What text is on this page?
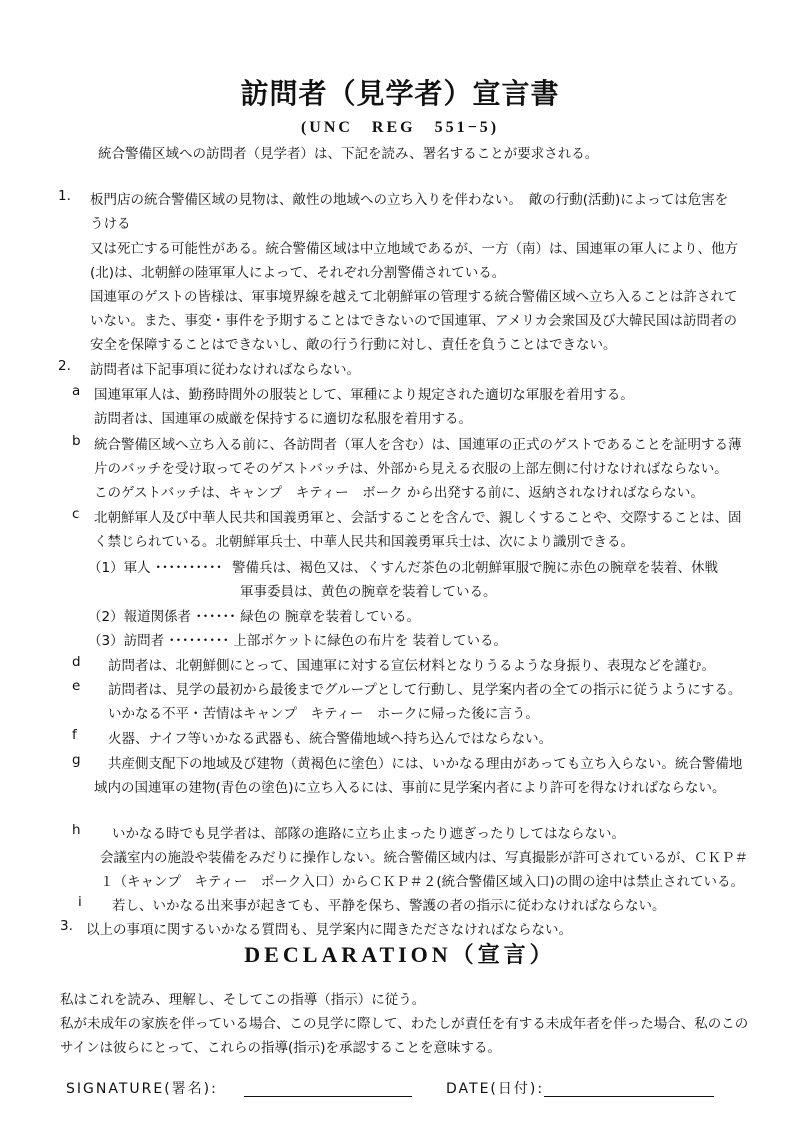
訪問者（見学者）宣言書
(UNC　REG　551−5)
統合警備区域への訪問者（見学者）は、下記を読み、署名することが要求される。
1. 板門店の統合警備区域の見物は、敵性の地域への立ち入りを伴わない。　敵の行動(活動)によっては危害を
うける
又は死亡する可能性がある。統合警備区域は中立地域であるが、一方（南）は、国連軍の軍人により、他方
(北)は、北朝鮮の陸軍軍人によって、それぞれ分割警備されている。
国連軍のゲストの皆様は、軍事境界線を越えて北朝鮮軍の管理する統合警備区域へ立ち入ることは許されて
いない。また、事変・事件を予期することはできないので国連軍、アメリカ会衆国及び大韓民国は訪問者の
安全を保障することはできないし、敵の行う行動に対し、責任を負うことはできない。
2. 訪問者は下記事項に従わなければならない。
a 国連軍軍人は、勤務時間外の服装として、軍種により規定された適切な軍服を着用する。
訪問者は、国連軍の威厳を保持するに適切な私服を着用する。
b 統合警備区域へ立ち入る前に、各訪問者（軍人を含む）は、国連軍の正式のゲストであることを証明する薄
片のバッチを受け取ってそのゲストバッチは、外部から見える衣服の上部左側に付けなければならない。
このゲストバッチは、キャンプ　キティー　ボーク から出発する前に、返納されなければならない。
c 北朝鮮軍人及び中華人民共和国義勇軍と、会話することを含んで、親しくすることや、交際することは、固
く禁じられている。北朝鮮軍兵士、中華人民共和国義勇軍兵士は、次により識別できる。
（1）軍人 ･･････････ 警備兵は、褐色又は、くすんだ茶色の北朝鮮軍服で腕に赤色の腕章を装着、休戦
軍事委員は、黄色の腕章を装着している。
（2）報道関係者 ･･････ 緑色の 腕章を装着している。
（3）訪問者 ･････････ 上部ポケットに緑色の布片を 装着している。
d 訪問者は、北朝鮮側にとって、国連軍に対する宣伝材料となりうるような身振り、表現などを謹む。
e 訪問者は、見学の最初から最後までグループとして行動し、見学案内者の全ての指示に従うようにする。
いかなる不平・苦情はキャンプ　キティー　ホークに帰った後に言う。
f 火器、ナイフ等いかなる武器も、統合警備地域へ持ち込んではならない。
g 共産側支配下の地域及び建物（黄褐色に塗色）には、いかなる理由があっても立ち入らない。統合警備地
域内の国連軍の建物(青色の塗色)に立ち入るには、事前に見学案内者により許可を得なければならない。
h いかなる時でも見学者は、部隊の進路に立ち止まったり遮ぎったりしてはならない。
会議室内の施設や装備をみだりに操作しない。統合警備区域内は、写真撮影が許可されているが、ＣＫＰ＃
１（キャンプ　キティー　ポーク入口）からＣＫＰ＃２(統合警備区域入口)の間の途中は禁止されている。
i 若し、いかなる出来事が起きても、平静を保ち、警護の者の指示に従わなければならない。
3. 以上の事項に関するいかなる質問も、見学案内に聞きたださなければならない。
DECLARATION（宣言）
私はこれを読み、理解し、そしてこの指導（指示）に従う。
私が未成年の家族を伴っている場合、この見学に際して、わたしが責任を有する未成年者を伴った場合、私のこの
サインは彼らにとって、これらの指導(指示)を承認することを意味する。
SIGNATURE(署名):	DATE(日付):
